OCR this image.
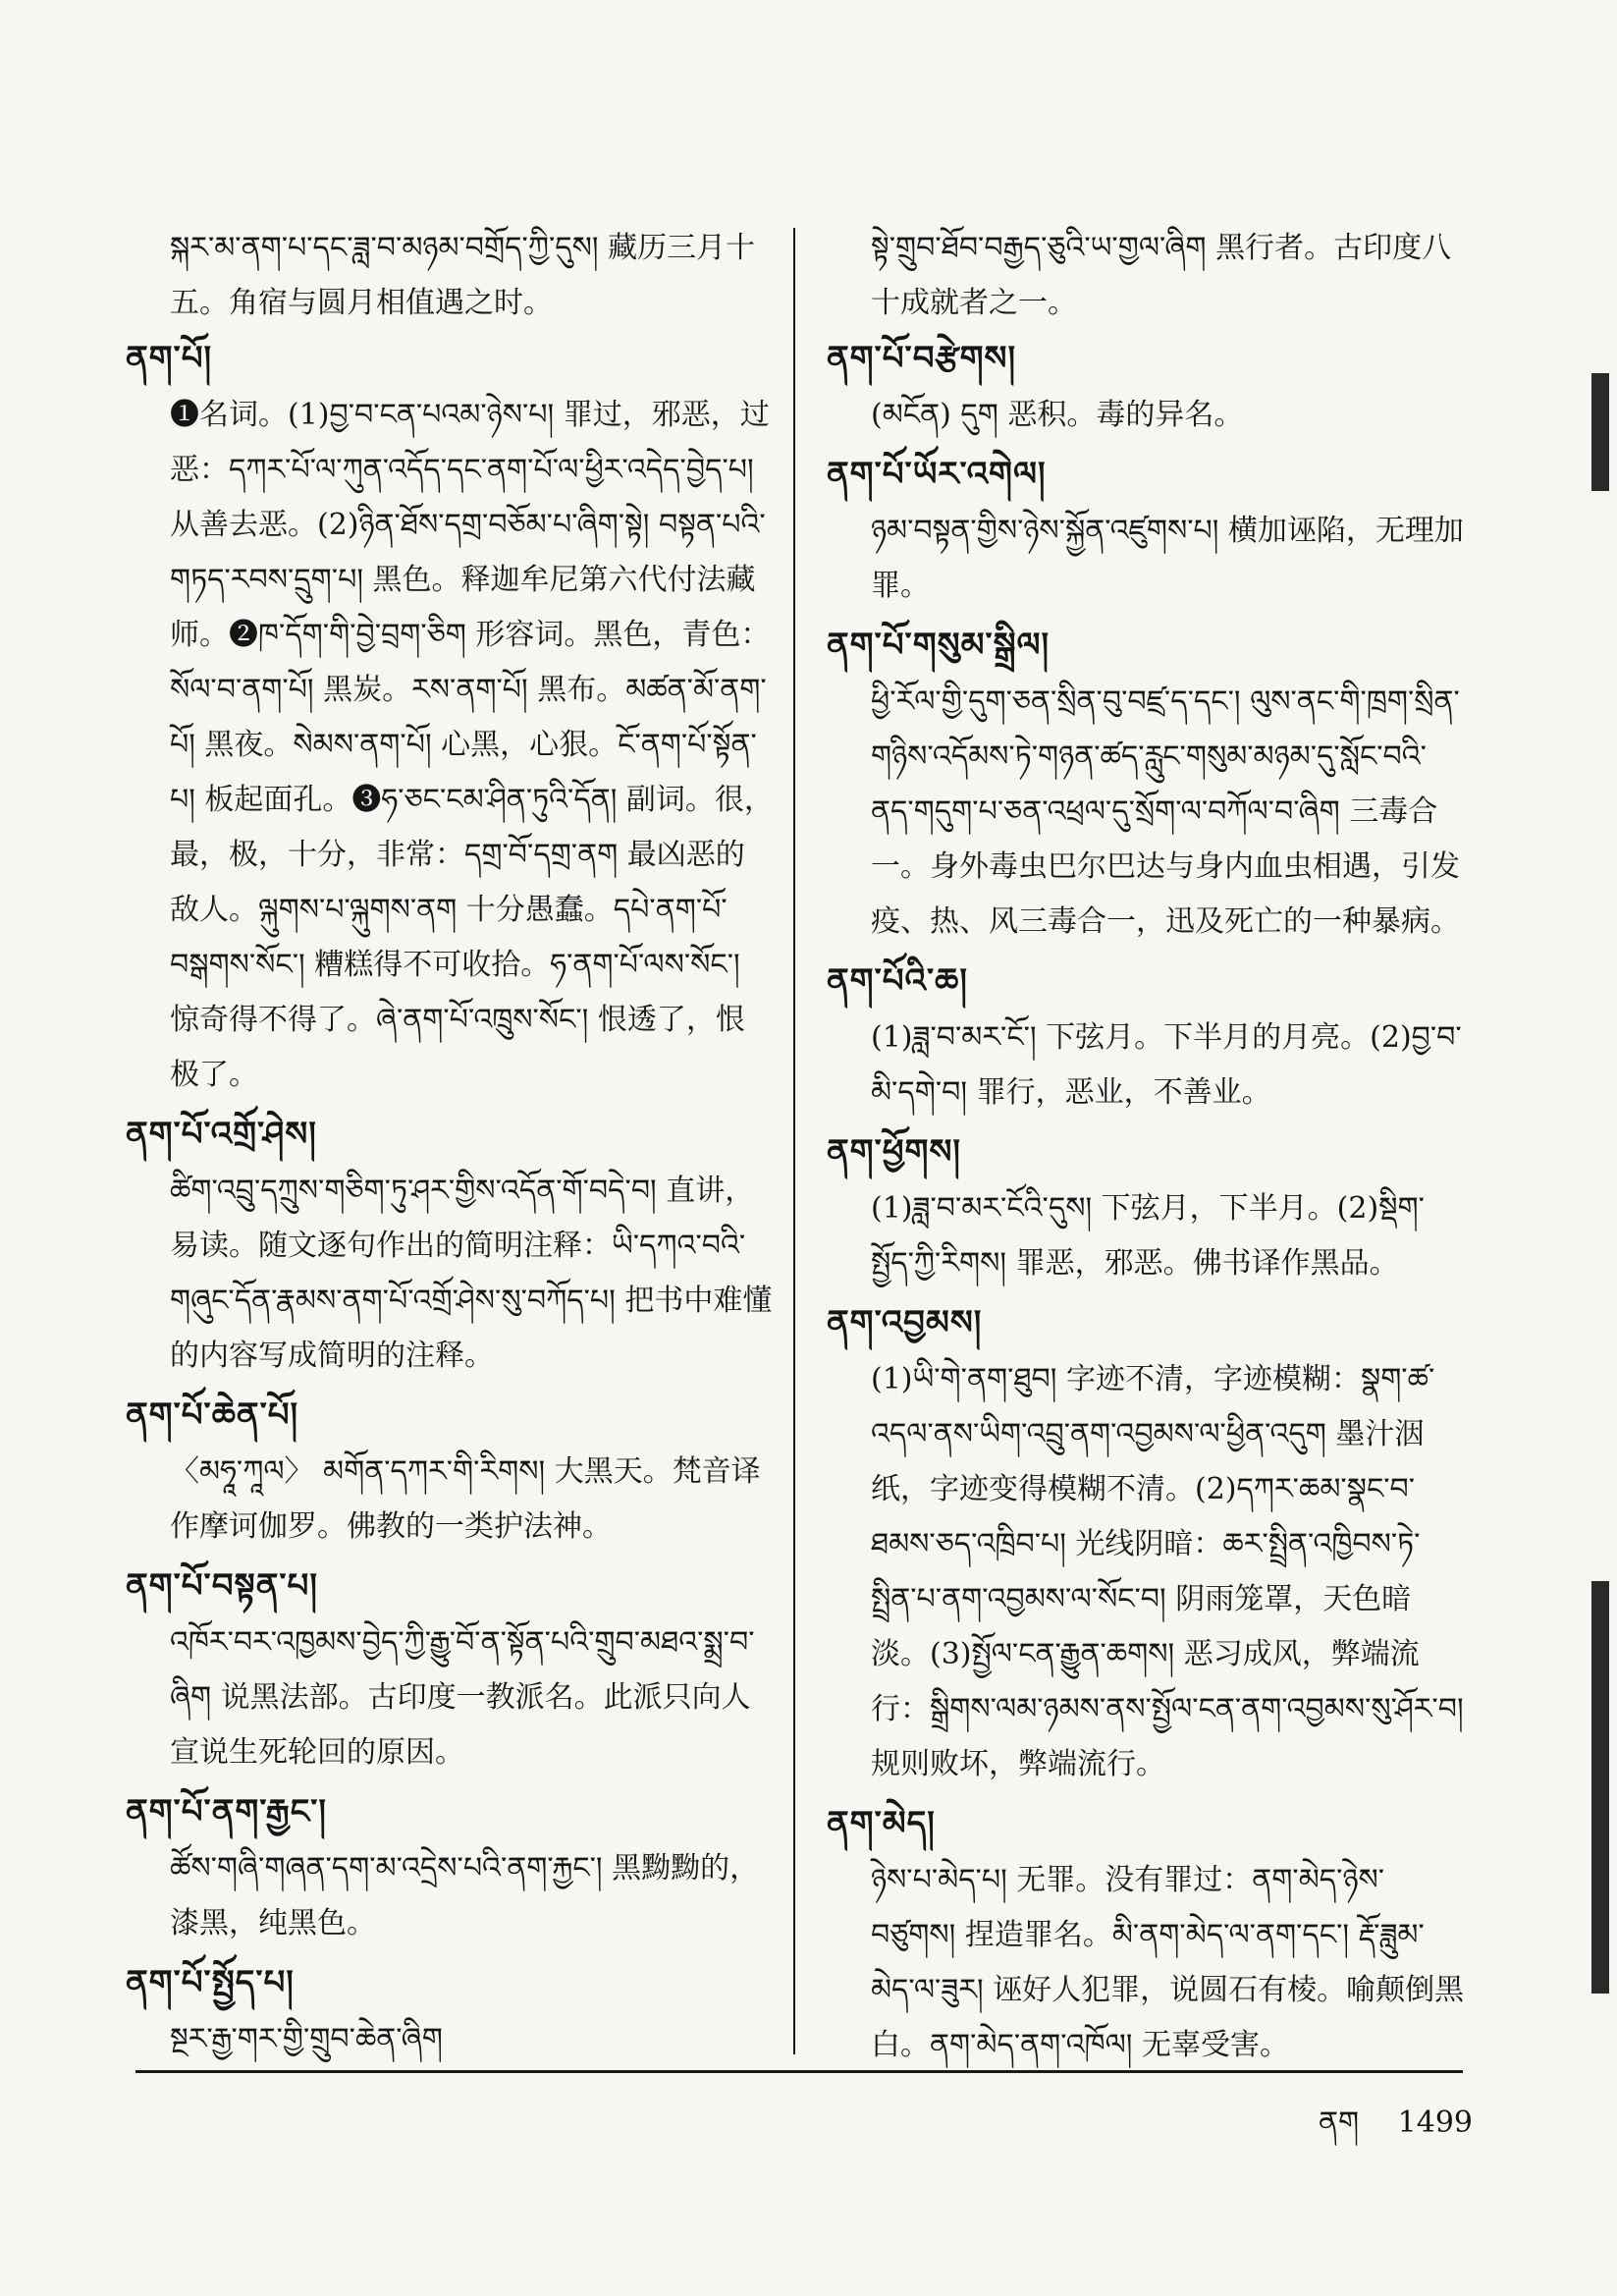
སྐར་མ་ནག་པ་དང་ཟླ་བ་མཉམ་བགྲོད་ཀྱི་དུས། 藏历三月十五。角宿与圆月相值遇之时。
ནག་པོ།
❶名词。(1)བྱ་བ་ངན་པའམ་ཉེས་པ། 罪过，邪恶，过恶：དཀར་པོ་ལ་ཀུན་འདོད་དང་ནག་པོ་ལ་ཕྱིར་འདེད་བྱེད་པ། 从善去恶。(2)ཉིན་ཐོས་དགྲ་བཅོམ་པ་ཞིག་སྟེ། བསྟན་པའི་གཏད་རབས་དྲུག་པ། 黑色。释迦牟尼第六代付法藏师。❷ཁ་དོག་གི་བྱེ་བྲག་ཅིག 形容词。黑色，青色：སོལ་བ་ནག་པོ། 黑炭。རས་ནག་པོ། 黑布。མཚན་མོ་ནག་པོ། 黑夜。སེམས་ནག་པོ། 心黑，心狠。ངོ་ནག་པོ་སྟོན་པ། 板起面孔。❸ཧ་ཅང་ངམ་ཤིན་ཏུའི་དོན། 副词。很，最，极，十分，非常：དགྲ་བོ་དགྲ་ནག 最凶恶的敌人。ལྐུགས་པ་ལྐུགས་ནག 十分愚蠢。དཔེ་ནག་པོ་བསྒགས་སོང་། 糟糕得不可收拾。ཧ་ནག་པོ་ལས་སོང་། 惊奇得不得了。ཞེ་ནག་པོ་འཁྲུས་སོང་། 恨透了，恨极了。
ནག་པོ་འགྲོ་ཤེས།
ཚིག་འབྲུ་དཀྲུས་གཅིག་ཏུ་ཤར་གྱིས་འདོན་གོ་བདེ་བ། 直讲，易读。随文逐句作出的简明注释：ཡི་དཀའ་བའི་གཞུང་དོན་རྣམས་ནག་པོ་འགྲོ་ཤེས་སུ་བཀོད་པ། 把书中难懂的内容写成简明的注释。
ནག་པོ་ཆེན་པོ།
〈མཧཱ་ཀཱལ〉 མགོན་དཀར་གི་རིགས། 大黑天。梵音译作摩诃伽罗。佛教的一类护法神。
ནག་པོ་བསྟན་པ།
འཁོར་བར་འཁྱམས་བྱེད་ཀྱི་རྒྱུ་བོ་ན་སྟོན་པའི་གྲུབ་མཐའ་སྨྲ་བ་ཞིག 说黑法部。古印度一教派名。此派只向人宣说生死轮回的原因。
ནག་པོ་ནག་རྒྱང་།
ཚོས་གཞི་གཞན་དག་མ་འདྲེས་པའི་ནག་རྐྱང་། 黑黝黝的，漆黑，纯黑色。
ནག་པོ་སྤྱོད་པ།
སྔར་རྒྱ་གར་གྱི་གྲུབ་ཆེན་ཞིག
སྟེ་གྲུབ་ཐོབ་བརྒྱད་ཅུའི་ཡ་གྱལ་ཞིག 黑行者。古印度八十成就者之一。
ནག་པོ་བརྩེགས།
(མངོན) དུག 恶积。毒的异名。
ནག་པོ་ཡོར་འགེལ།
ཉམ་བསྟན་གྱིས་ཉེས་སྐྱོན་འཛུགས་པ། 横加诬陷，无理加罪。
ནག་པོ་གསུམ་སྒྲིལ།
ཕྱི་རོལ་གྱི་དུག་ཅན་སྲིན་བུ་བཛྲ་ད་དང་། ལུས་ནང་གི་ཁྲག་སྲིན་གཉིས་འདོམས་ཏེ་གཉན་ཚད་རླུང་གསུམ་མཉམ་དུ་སློང་བའི་ནད་གདུག་པ་ཅན་འཕྲལ་དུ་སྲོག་ལ་བཀོལ་བ་ཞིག 三毒合一。身外毒虫巴尔巴达与身内血虫相遇，引发疫、热、风三毒合一，迅及死亡的一种暴病。
ནག་པོའི་ཆ།
(1)ཟླ་བ་མར་ངོ་། 下弦月。下半月的月亮。(2)བྱ་བ་མི་དགེ་བ། 罪行，恶业，不善业。
ནག་ཕྱོགས།
(1)ཟླ་བ་མར་ངོའི་དུས། 下弦月，下半月。(2)སྡིག་སྤྱོད་ཀྱི་རིགས། 罪恶，邪恶。佛书译作黑品。
ནག་འབྱམས།
(1)ཡི་གེ་ནག་ཐུབ། 字迹不清，字迹模糊：སྣག་ཚ་འདལ་ནས་ཡིག་འབྲུ་ནག་འབྱམས་ལ་ཕྱིན་འདུག 墨汁洇纸，字迹变得模糊不清。(2)དཀར་ཆམ་སྣང་བ་ཐམས་ཅད་འཁྲིབ་པ། 光线阴暗：ཆར་སྤྲིན་འཁྱིབས་ཏེ་སྤྲིན་པ་ནག་འབྱམས་ལ་སོང་བ། 阴雨笼罩，天色暗淡。(3)སྤྱོལ་ངན་རྒྱུན་ཆགས། 恶习成风，弊端流行：སྒྲིགས་ལམ་ཉམས་ནས་སྤྱོལ་ངན་ནག་འབྱམས་སུ་ཤོར་བ། 规则败坏，弊端流行。
ནག་མེད།
ཉེས་པ་མེད་པ། 无罪。没有罪过：ནག་མེད་ཉེས་བཙུགས། 捏造罪名。མི་ནག་མེད་ལ་ནག་དང་། རྡོ་ཟླུམ་མེད་ལ་ཟུར། 诬好人犯罪，说圆石有棱。喻颠倒黑白。ནག་མེད་ནག་འཁོལ། 无辜受害。
ནག 1499
